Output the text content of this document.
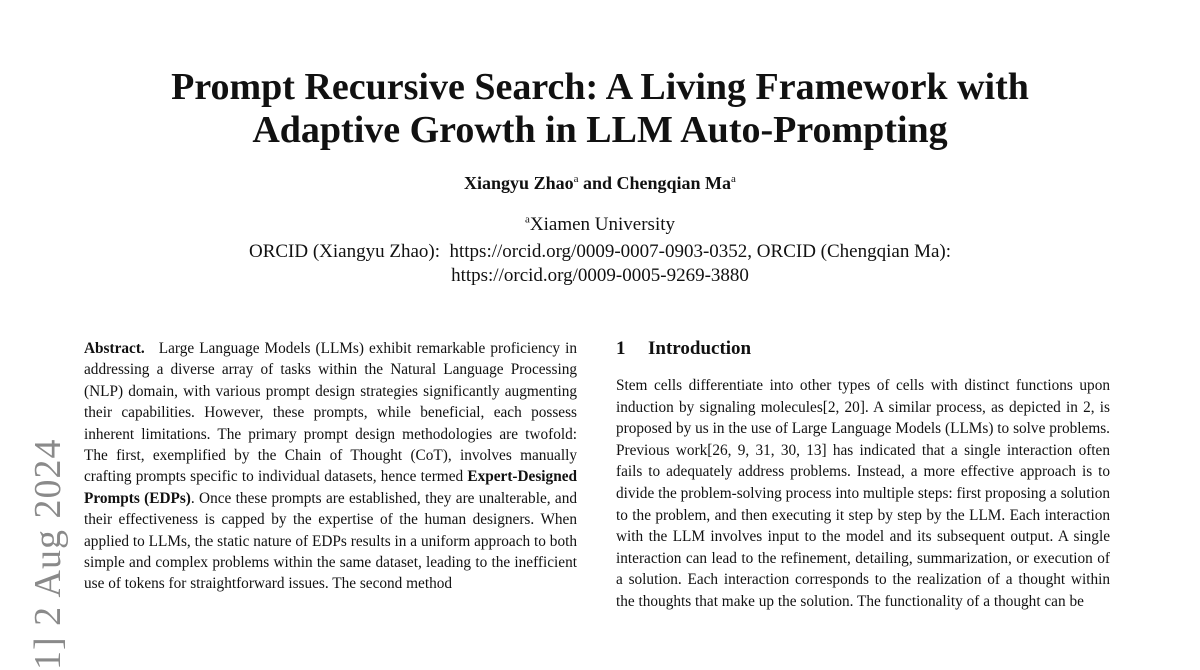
Prompt Recursive Search: A Living Framework with
Adaptive Growth in LLM Auto-Prompting
Xiangyu Zhao$^a$ and Chengqian Ma$^a$
$^a$Xiamen University
ORCID (Xiangyu Zhao):  https://orcid.org/0009-0007-0903-0352, ORCID (Chengqian Ma):
https://orcid.org/0009-0005-9269-3880
1] 2 Aug 2024
Abstract. Large Language Models (LLMs) exhibit remarkable proficiency in addressing a diverse array of tasks within the Natural Language Processing (NLP) domain, with various prompt design strategies significantly augmenting their capabilities. However, these prompts, while beneficial, each possess inherent limitations. The primary prompt design methodologies are twofold: The first, exemplified by the Chain of Thought (CoT), involves manually crafting prompts specific to individual datasets, hence termed Expert-Designed Prompts (EDPs). Once these prompts are established, they are unalterable, and their effectiveness is capped by the expertise of the human designers. When applied to LLMs, the static nature of EDPs results in a uniform approach to both simple and complex problems within the same dataset, leading to the inefficient use of tokens for straightforward issues. The second method
1 Introduction

Stem cells differentiate into other types of cells with distinct functions upon induction by signaling molecules[2, 20]. A similar process, as depicted in 2, is proposed by us in the use of Large Language Models (LLMs) to solve problems. Previous work[26, 9, 31, 30, 13] has indicated that a single interaction often fails to adequately address problems. Instead, a more effective approach is to divide the problem-solving process into multiple steps: first proposing a solution to the problem, and then executing it step by step by the LLM. Each interaction with the LLM involves input to the model and its subsequent output. A single interaction can lead to the refinement, detailing, summarization, or execution of a solution. Each interaction corresponds to the realization of a thought within the thoughts that make up the solution. The functionality of a thought can be
